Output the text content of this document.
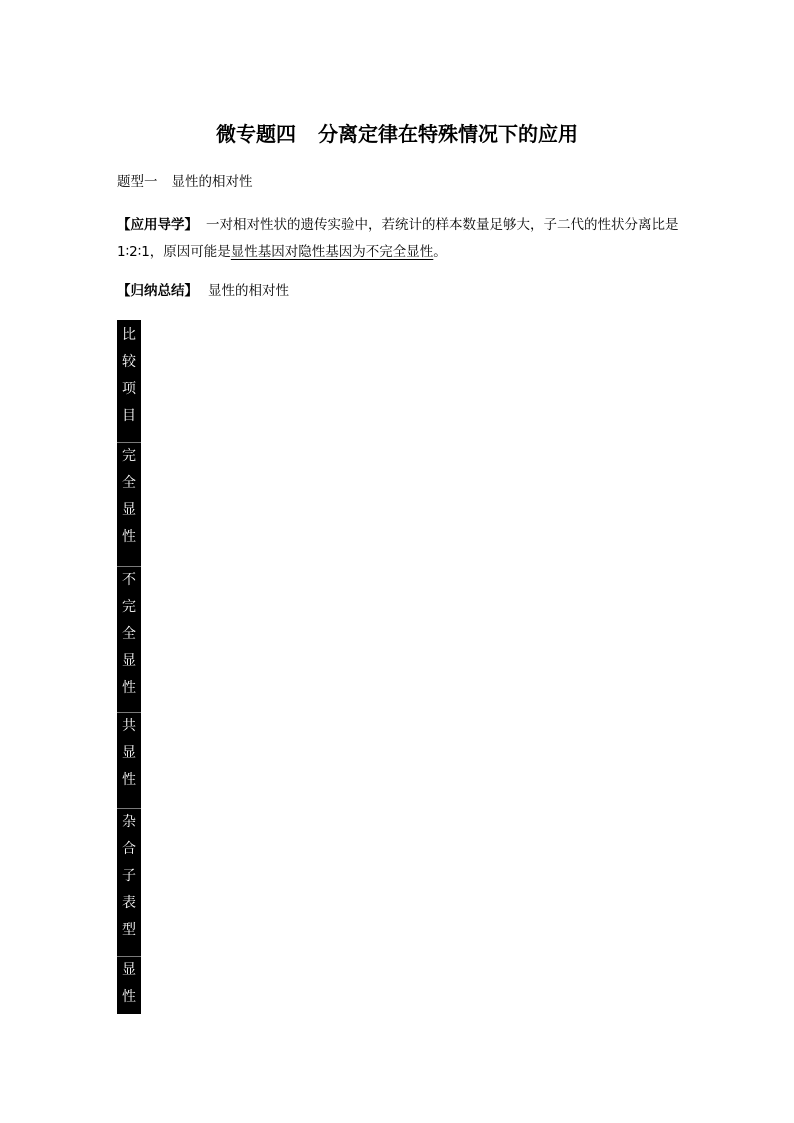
微专题四 分离定律在特殊情况下的应用
题型一 显性的相对性

【应用导学】 一对相对性状的遗传实验中，若统计的样本数量足够大，子二代的性状分离比是1∶2∶1，原因可能是显性基因对隐性基因为不完全显性。

【归纳总结】 显性的相对性
比
较
项
目
完
全
显
性
不
完
全
显
性
共
显
性
杂
合
子
表
型
显
性
